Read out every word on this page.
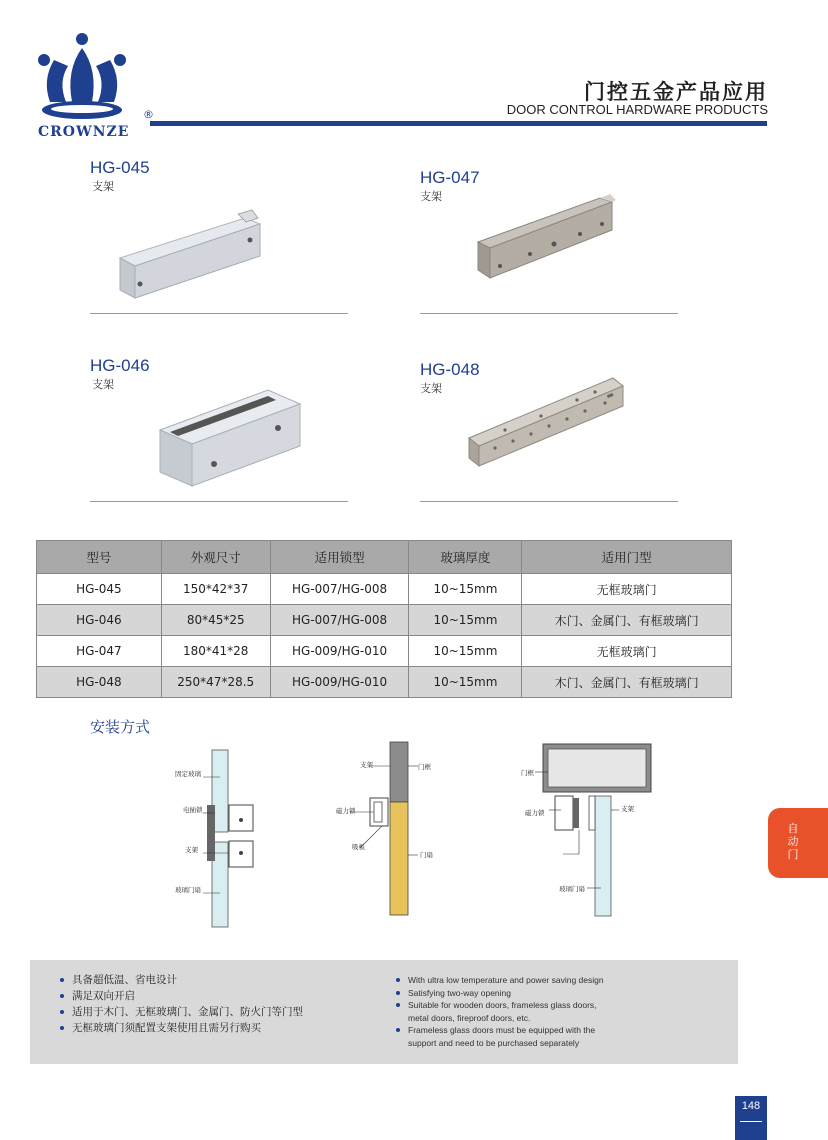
CROWNZE
®
门控五金产品应用
DOOR CONTROL HARDWARE PRODUCTS
HG-045
支架	HG-047
支架
HG-046
支架
HG-048
支架
型号	外观尺寸	适用锁型	玻璃厚度	适用门型
HG-045	150*42*37	HG-007/HG-008	10~15mm	无框玻璃门
HG-046	80*45*25	HG-007/HG-008	10~15mm	木门、金属门、有框玻璃门
HG-047	180*41*28	HG-009/HG-010	10~15mm	无框玻璃门
HG-048	250*47*28.5	HG-009/HG-010	10~15mm	木门、金属门、有框玻璃门
安装方式
固定玻璃
电插锁
支架
玻璃门扇
支架	门框
磁力锁
吸板
门扇
门框
磁力锁	支架
玻璃门扇
具备超低温、省电设计
满足双向开启
适用于木门、无框玻璃门、金属门、防火门等门型
无框玻璃门须配置支架使用且需另行购买
With ultra low temperature and power saving design
Satisfying two-way opening
Suitable for wooden doors, frameless glass doors, metal doors, fireproof doors, etc.
Frameless glass doors must be equipped with the support and need to be purchased separately
自动门
148
